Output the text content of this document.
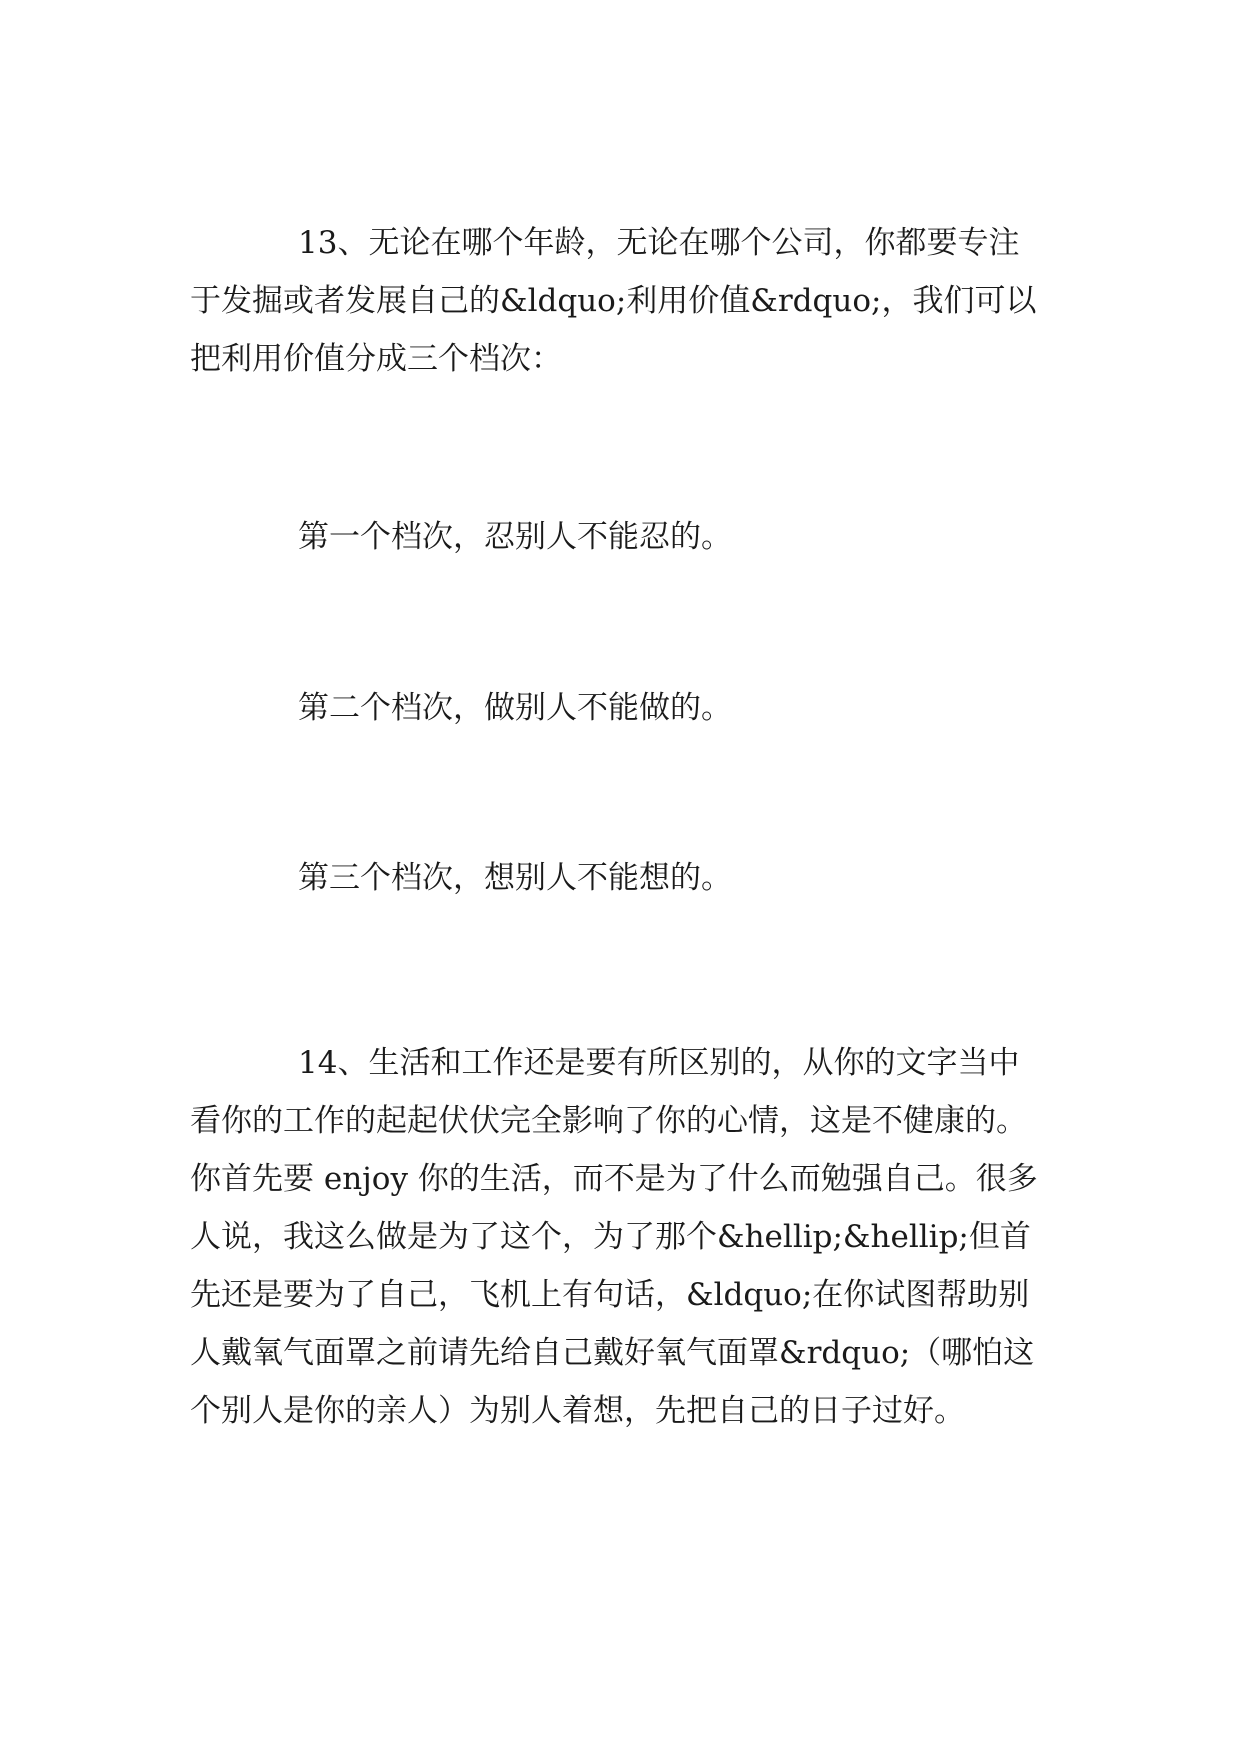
13、无论在哪个年龄，无论在哪个公司，你都要专注于发掘或者发展自己的&ldquo;利用价值&rdquo;，我们可以把利用价值分成三个档次：

第一个档次，忍别人不能忍的。

第二个档次，做别人不能做的。

第三个档次，想别人不能想的。

14、生活和工作还是要有所区别的，从你的文字当中看你的工作的起起伏伏完全影响了你的心情，这是不健康的。你首先要 enjoy 你的生活，而不是为了什么而勉强自己。很多人说，我这么做是为了这个，为了那个&hellip;&hellip;但首先还是要为了自己，飞机上有句话，&ldquo;在你试图帮助别人戴氧气面罩之前请先给自己戴好氧气面罩&rdquo;（哪怕这个别人是你的亲人）为别人着想，先把自己的日子过好。
